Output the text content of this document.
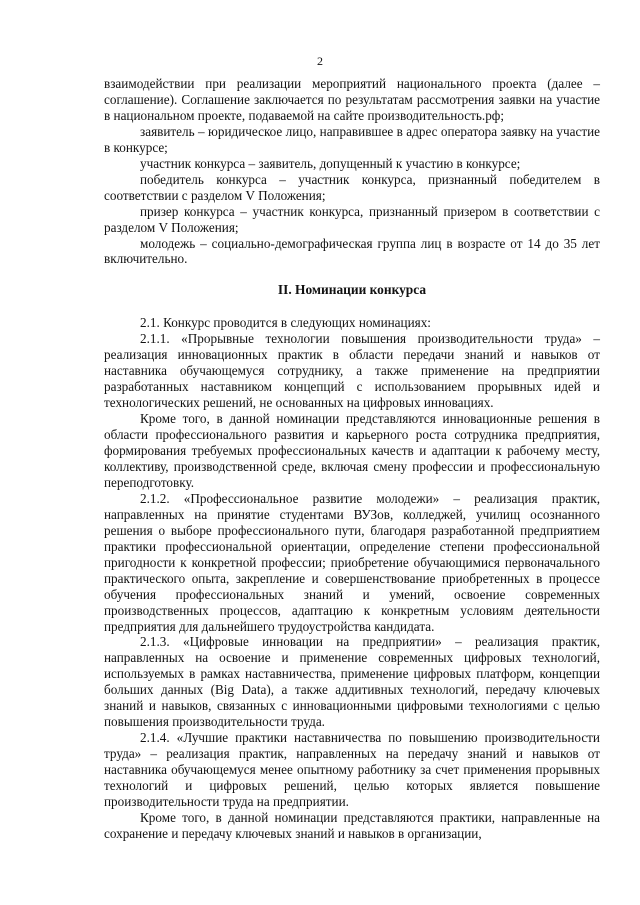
2

взаимодействии при реализации мероприятий национального проекта (далее – соглашение). Соглашение заключается по результатам рассмотрения заявки на участие в национальном проекте, подаваемой на сайте производительность.рф;

заявитель – юридическое лицо, направившее в адрес оператора заявку на участие в конкурсе;

участник конкурса – заявитель, допущенный к участию в конкурсе;

победитель конкурса – участник конкурса, признанный победителем в соответствии с разделом V Положения;

призер конкурса – участник конкурса, признанный призером в соответствии с разделом V Положения;

молодежь – социально-демографическая группа лиц в возрасте от 14 до 35 лет включительно.

II. Номинации конкурса

2.1. Конкурс проводится в следующих номинациях:

2.1.1. «Прорывные технологии повышения производительности труда» – реализация инновационных практик в области передачи знаний и навыков от наставника обучающемуся сотруднику, а также применение на предприятии разработанных наставником концепций с использованием прорывных идей и технологических решений, не основанных на цифровых инновациях.

Кроме того, в данной номинации представляются инновационные решения в области профессионального развития и карьерного роста сотрудника предприятия, формирования требуемых профессиональных качеств и адаптации к рабочему месту, коллективу, производственной среде, включая смену профессии и профессиональную переподготовку.

2.1.2. «Профессиональное развитие молодежи» – реализация практик, направленных на принятие студентами ВУЗов, колледжей, училищ осознанного решения о выборе профессионального пути, благодаря разработанной предприятием практики профессиональной ориентации, определение степени профессиональной пригодности к конкретной профессии; приобретение обучающимися первоначального практического опыта, закрепление и совершенствование приобретенных в процессе обучения профессиональных знаний и умений, освоение современных производственных процессов, адаптацию к конкретным условиям деятельности предприятия для дальнейшего трудоустройства кандидата.

2.1.3. «Цифровые инновации на предприятии» – реализация практик, направленных на освоение и применение современных цифровых технологий, используемых в рамках наставничества, применение цифровых платформ, концепции больших данных (Big Data), а также аддитивных технологий, передачу ключевых знаний и навыков, связанных с инновационными цифровыми технологиями с целью повышения производительности труда.

2.1.4. «Лучшие практики наставничества по повышению производительности труда» – реализация практик, направленных на передачу знаний и навыков от наставника обучающемуся менее опытному работнику за счет применения прорывных технологий и цифровых решений, целью которых является повышение производительности труда на предприятии.

Кроме того, в данной номинации представляются практики, направленные на сохранение и передачу ключевых знаний и навыков в организации,
